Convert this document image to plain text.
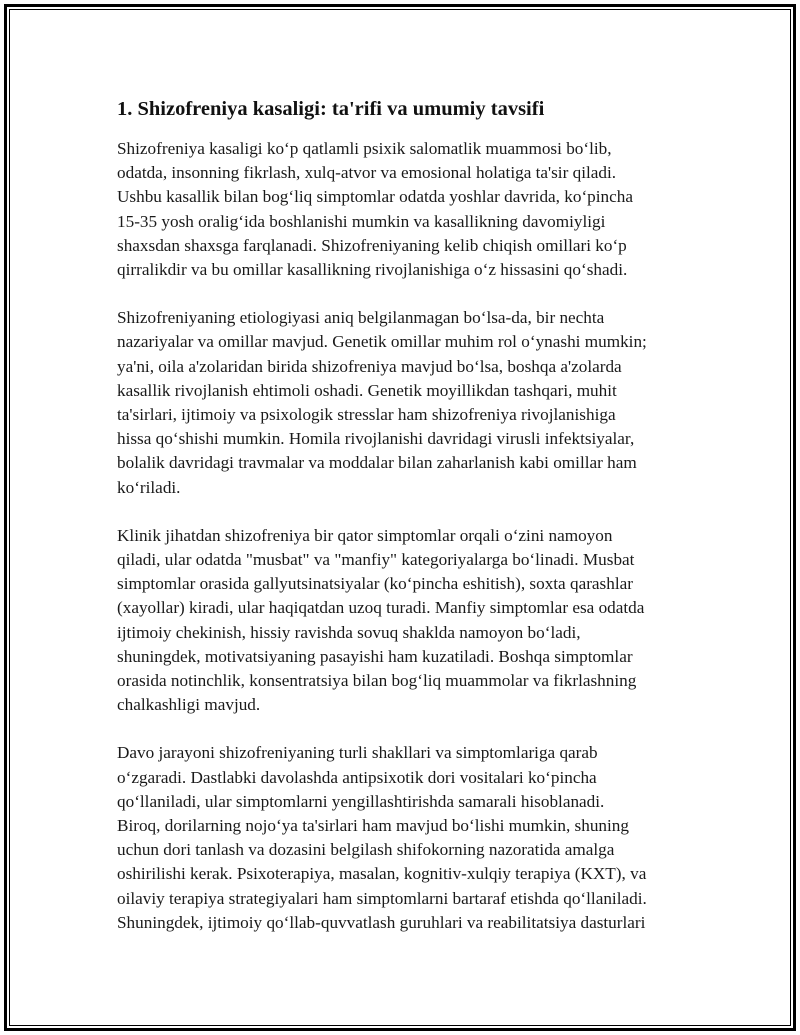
1. Shizofreniya kasaligi: ta'rifi va umumiy tavsifi

Shizofreniya kasaligi ko‘p qatlamli psixik salomatlik muammosi bo‘lib,
odatda, insonning fikrlash, xulq-atvor va emosional holatiga ta'sir qiladi.
Ushbu kasallik bilan bog‘liq simptomlar odatda yoshlar davrida, ko‘pincha
15-35 yosh oralig‘ida boshlanishi mumkin va kasallikning davomiyligi
shaxsdan shaxsga farqlanadi. Shizofreniyaning kelib chiqish omillari ko‘p
qirralikdir va bu omillar kasallikning rivojlanishiga o‘z hissasini qo‘shadi.

Shizofreniyaning etiologiyasi aniq belgilanmagan bo‘lsa-da, bir nechta
nazariyalar va omillar mavjud. Genetik omillar muhim rol o‘ynashi mumkin;
ya'ni, oila a'zolaridan birida shizofreniya mavjud bo‘lsa, boshqa a'zolarda
kasallik rivojlanish ehtimoli oshadi. Genetik moyillikdan tashqari, muhit
ta'sirlari, ijtimoiy va psixologik stresslar ham shizofreniya rivojlanishiga
hissa qo‘shishi mumkin. Homila rivojlanishi davridagi virusli infektsiyalar,
bolalik davridagi travmalar va moddalar bilan zaharlanish kabi omillar ham
ko‘riladi.

Klinik jihatdan shizofreniya bir qator simptomlar orqali o‘zini namoyon
qiladi, ular odatda "musbat" va "manfiy" kategoriyalarga bo‘linadi. Musbat
simptomlar orasida gallyutsinatsiyalar (ko‘pincha eshitish), soxta qarashlar
(xayollar) kiradi, ular haqiqatdan uzoq turadi. Manfiy simptomlar esa odatda
ijtimoiy chekinish, hissiy ravishda sovuq shaklda namoyon bo‘ladi,
shuningdek, motivatsiyaning pasayishi ham kuzatiladi. Boshqa simptomlar
orasida notinchlik, konsentratsiya bilan bog‘liq muammolar va fikrlashning
chalkashligi mavjud.

Davo jarayoni shizofreniyaning turli shakllari va simptomlariga qarab
o‘zgaradi. Dastlabki davolashda antipsixotik dori vositalari ko‘pincha
qo‘llaniladi, ular simptomlarni yengillashtirishda samarali hisoblanadi.
Biroq, dorilarning nojo‘ya ta'sirlari ham mavjud bo‘lishi mumkin, shuning
uchun dori tanlash va dozasini belgilash shifokorning nazoratida amalga
oshirilishi kerak. Psixoterapiya, masalan, kognitiv-xulqiy terapiya (KXT), va
oilaviy terapiya strategiyalari ham simptomlarni bartaraf etishda qo‘llaniladi.
Shuningdek, ijtimoiy qo‘llab-quvvatlash guruhlari va reabilitatsiya dasturlari
